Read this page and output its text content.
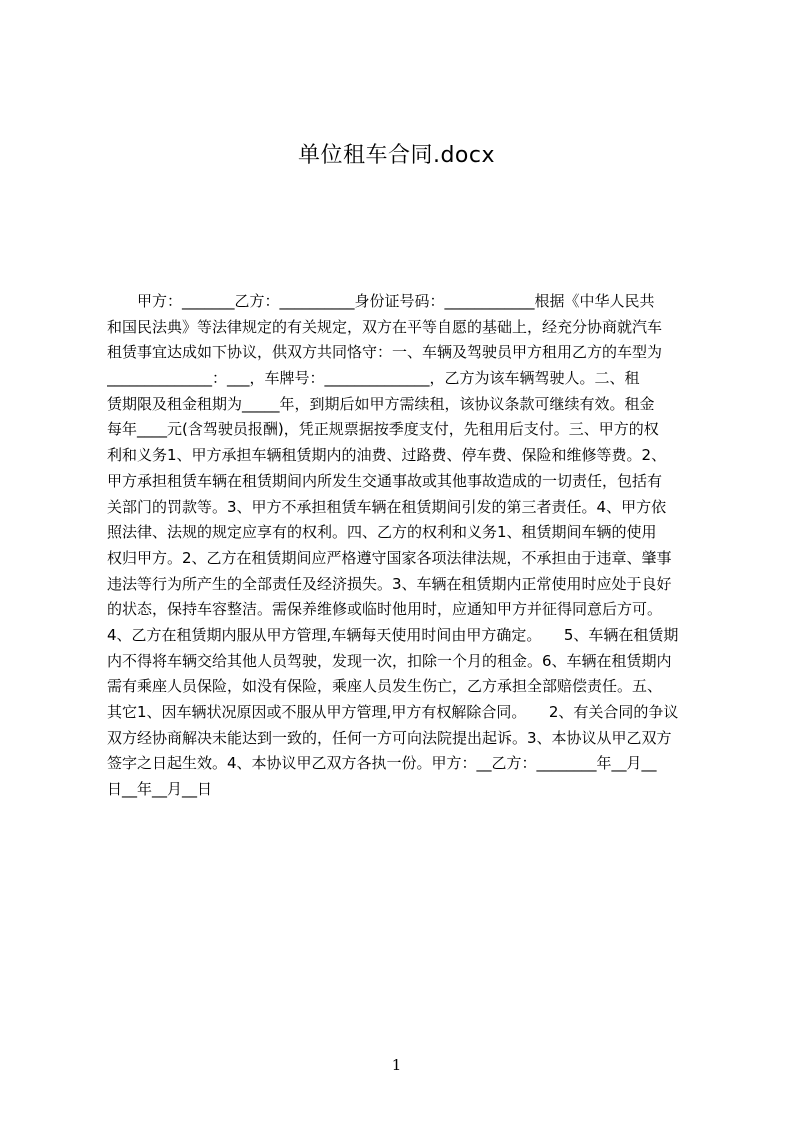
单位租车合同.docx
　　甲方：_______乙方：__________身份证号码：____________根据《中华人民共
和国民法典》等法律规定的有关规定，双方在平等自愿的基础上，经充分协商就汽车
租赁事宜达成如下协议，供双方共同恪守：一、车辆及驾驶员甲方租用乙方的车型为
______________：___，车牌号：______________，乙方为该车辆驾驶人。二、租
赁期限及租金租期为_____年，到期后如甲方需续租，该协议条款可继续有效。租金
每年____元(含驾驶员报酬)，凭正规票据按季度支付，先租用后支付。三、甲方的权
利和义务1、甲方承担车辆租赁期内的油费、过路费、停车费、保险和维修等费。2、
甲方承担租赁车辆在租赁期间内所发生交通事故或其他事故造成的一切责任，包括有
关部门的罚款等。3、甲方不承担租赁车辆在租赁期间引发的第三者责任。4、甲方依
照法律、法规的规定应享有的权利。四、乙方的权利和义务1、租赁期间车辆的使用
权归甲方。2、乙方在租赁期间应严格遵守国家各项法律法规，不承担由于违章、肇事
违法等行为所产生的全部责任及经济损失。3、车辆在租赁期内正常使用时应处于良好
的状态，保持车容整洁。需保养维修或临时他用时，应通知甲方并征得同意后方可。
4、乙方在租赁期内服从甲方管理,车辆每天使用时间由甲方确定。　　5、车辆在租赁期
内不得将车辆交给其他人员驾驶，发现一次，扣除一个月的租金。6、车辆在租赁期内
需有乘座人员保险，如没有保险，乘座人员发生伤亡，乙方承担全部赔偿责任。五、
其它1、因车辆状况原因或不服从甲方管理,甲方有权解除合同。　　2、有关合同的争议
双方经协商解决未能达到一致的，任何一方可向法院提出起诉。3、本协议从甲乙双方
签字之日起生效。4、本协议甲乙双方各执一份。甲方：__乙方：________年__月__
日__年__月__日
1
